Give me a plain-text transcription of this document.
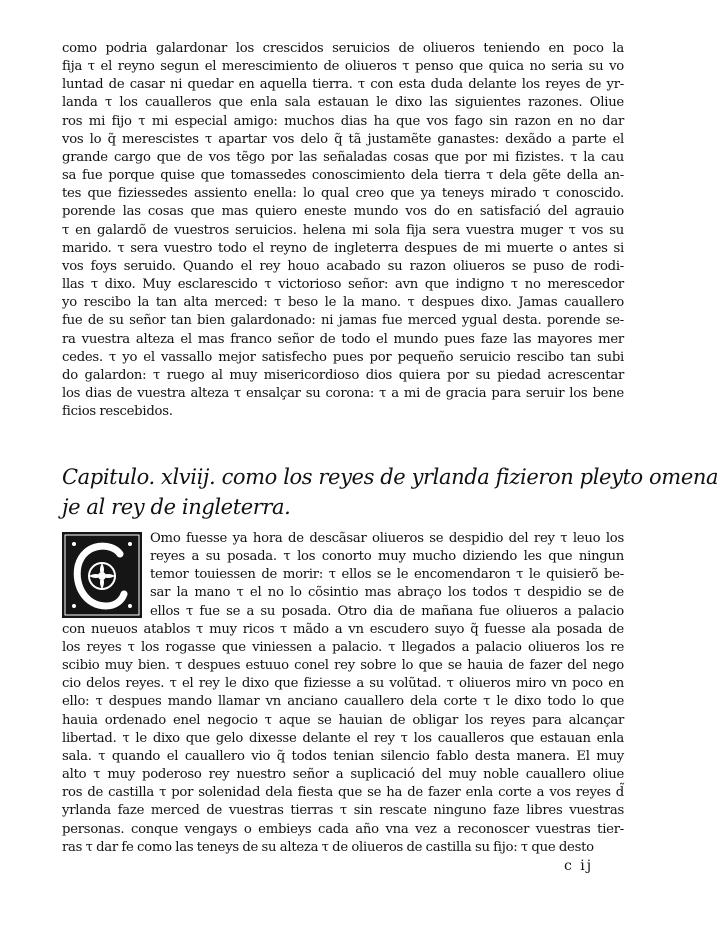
como podria galardonar los crescidos seruicios de oliueros teniendo en poco la
fija τ el reyno segun el merescimiento de oliueros τ penso que quica no seria su vo
luntad de casar ni quedar en aquella tierra. τ con esta duda delante los reyes de yr-
landa τ los caualleros que enla sala estauan le dixo las siguientes razones. Oliue
ros mi fijo τ mi especial amigo: muchos dias ha que vos fago sin razon en no dar
vos lo q̃ merescistes τ apartar vos delo q̃ tã justamẽte ganastes: dexãdo a parte el
grande cargo que de vos tẽgo por las señaladas cosas que por mi fizistes. τ la cau
sa fue porque quise que tomassedes conoscimiento dela tierra τ dela gẽte della an-
tes que fiziessedes assiento enella: lo qual creo que ya teneys mirado τ conoscido.
porende las cosas que mas quiero eneste mundo vos do en satisfació del agrauio
τ en galardõ de vuestros seruicios. helena mi sola fija sera vuestra muger τ vos su
marido. τ sera vuestro todo el reyno de ingleterra despues de mi muerte o antes si
vos foys seruido. Quando el rey houo acabado su razon oliueros se puso de rodi-
llas τ dixo. Muy esclarescido τ victorioso señor: avn que indigno τ no merescedor
yo rescibo la tan alta merced: τ beso le la mano. τ despues dixo. Jamas cauallero
fue de su señor tan bien galardonado: ni jamas fue merced ygual desta. porende se-
ra vuestra alteza el mas franco señor de todo el mundo pues faze las mayores mer
cedes. τ yo el vassallo mejor satisfecho pues por pequeño seruicio rescibo tan subi
do galardon: τ ruego al muy misericordioso dios quiera por su piedad acrescentar
los dias de vuestra alteza τ ensalçar su corona: τ a mi de gracia para seruir los bene
ficios rescebidos.
Capitulo. xlviij. como los reyes de yrlanda fizieron pleyto omena
je al rey de ingleterra.
Omo fuesse ya hora de descãsar oliueros se despidio del rey τ leuo los
reyes a su posada. τ los conorto muy mucho diziendo les que ningun
temor touiessen de morir: τ ellos se le encomendaron τ le quisierõ be-
sar la mano τ el no lo cõsintio mas abraço los todos τ despidio se de
ellos τ fue se a su posada. Otro dia de mañana fue oliueros a palacio
con nueuos atablos τ muy ricos τ mãdo a vn escudero suyo q̃ fuesse ala posada de
los reyes τ los rogasse que viniessen a palacio. τ llegados a palacio oliueros los re
scibio muy bien. τ despues estuuo conel rey sobre lo que se hauia de fazer del nego
cio delos reyes. τ el rey le dixo que fiziesse a su volũtad. τ oliueros miro vn poco en
ello: τ despues mando llamar vn anciano cauallero dela corte τ le dixo todo lo que
hauia ordenado enel negocio τ aque se hauian de obligar los reyes para alcançar
libertad. τ le dixo que gelo dixesse delante el rey τ los caualleros que estauan enla
sala. τ quando el cauallero vio q̃ todos tenian silencio fablo desta manera. El muy
alto τ muy poderoso rey nuestro señor a suplicació del muy noble cauallero oliue
ros de castilla τ por solenidad dela fiesta que se ha de fazer enla corte a vos reyes d̃
yrlanda faze merced de vuestras tierras τ sin rescate ninguno faze libres vuestras
personas. conque vengays o embieys cada año vna vez a reconoscer vuestras tier-
ras τ dar fe como las teneys de su alteza τ de oliueros de castilla su fijo: τ que desto
c ij
